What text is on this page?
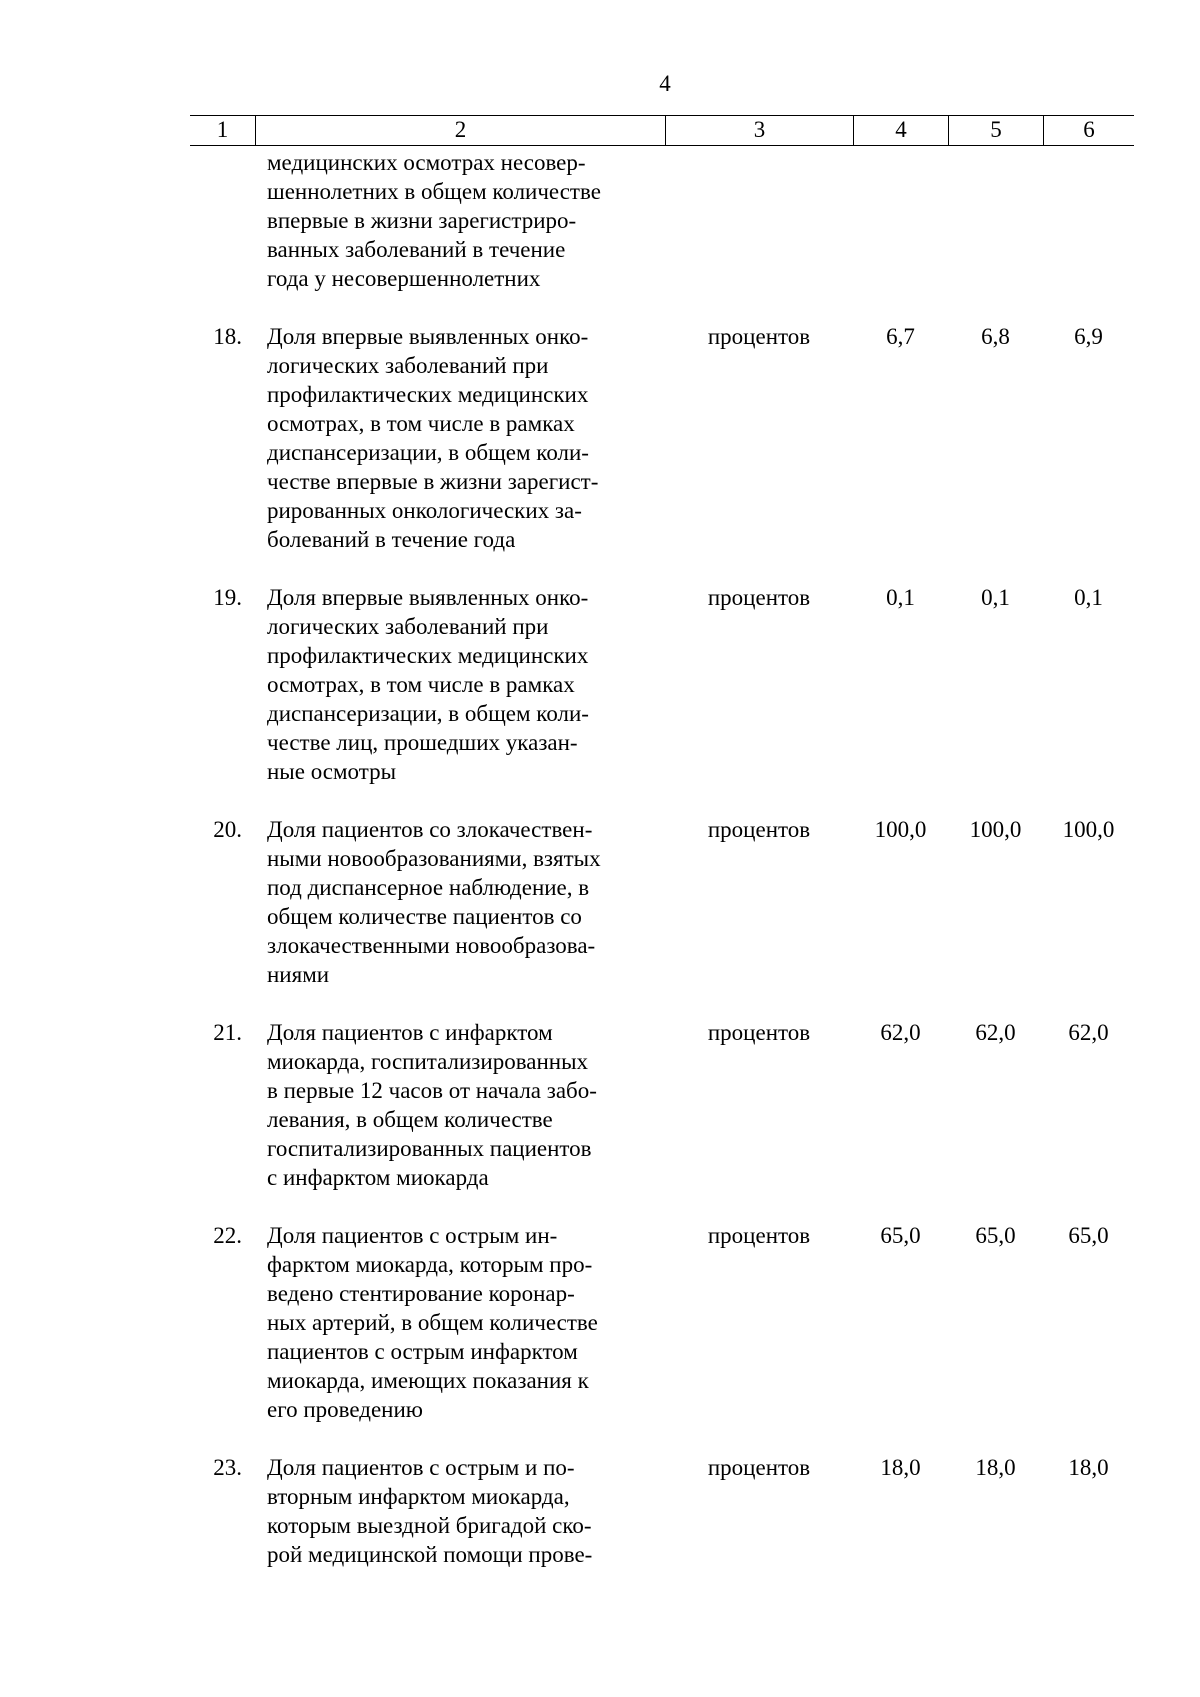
4
1	2	3	4	5	6
медицинских осмотрах несовер-
шеннолетних в общем количестве
впервые в жизни зарегистриро-
ванных заболеваний в течение
года у несовершеннолетних
18. Доля впервые выявленных онко-
логических заболеваний при
профилактических медицинских
осмотрах, в том числе в рамках
диспансеризации, в общем коли-
честве впервые в жизни зарегист-
рированных онкологических за-
болеваний в течение года
процентов	6,7	6,8	6,9
19. Доля впервые выявленных онко-
логических заболеваний при
профилактических медицинских
осмотрах, в том числе в рамках
диспансеризации, в общем коли-
честве лиц, прошедших указан-
ные осмотры
процентов	0,1	0,1	0,1
20. Доля пациентов со злокачествен-
ными новообразованиями, взятых
под диспансерное наблюдение, в
общем количестве пациентов со
злокачественными новообразова-
ниями
процентов	100,0	100,0	100,0
21. Доля пациентов с инфарктом
миокарда, госпитализированных
в первые 12 часов от начала забо-
левания, в общем количестве
госпитализированных пациентов
с инфарктом миокарда
процентов	62,0	62,0	62,0
22. Доля пациентов с острым ин-
фарктом миокарда, которым про-
ведено стентирование коронар-
ных артерий, в общем количестве
пациентов с острым инфарктом
миокарда, имеющих показания к
его проведению
процентов	65,0	65,0	65,0
23. Доля пациентов с острым и по-
вторным инфарктом миокарда,
которым выездной бригадой ско-
рой медицинской помощи прове-
процентов	18,0	18,0	18,0
